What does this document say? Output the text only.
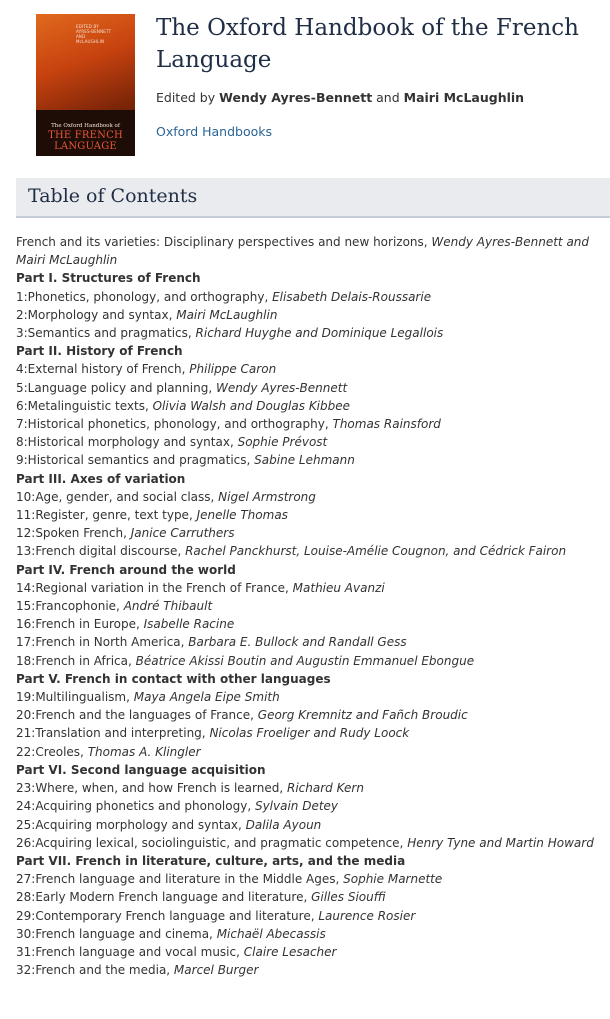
EDITED BY
AYRES-BENNETT
AND
McLAUGHLIN
The Oxford Handbook of
THE FRENCH
LANGUAGE
The Oxford Handbook of the French Language
Edited by Wendy Ayres-Bennett and Mairi McLaughlin
Oxford Handbooks
Table of Contents
French and its varieties: Disciplinary perspectives and new horizons, Wendy Ayres-Bennett and Mairi McLaughlin
Part I. Structures of French
1:Phonetics, phonology, and orthography, Elisabeth Delais-Roussarie
2:Morphology and syntax, Mairi McLaughlin
3:Semantics and pragmatics, Richard Huyghe and Dominique Legallois
Part II. History of French
4:External history of French, Philippe Caron
5:Language policy and planning, Wendy Ayres-Bennett
6:Metalinguistic texts, Olivia Walsh and Douglas Kibbee
7:Historical phonetics, phonology, and orthography, Thomas Rainsford
8:Historical morphology and syntax, Sophie Prévost
9:Historical semantics and pragmatics, Sabine Lehmann
Part III. Axes of variation
10:Age, gender, and social class, Nigel Armstrong
11:Register, genre, text type, Jenelle Thomas
12:Spoken French, Janice Carruthers
13:French digital discourse, Rachel Panckhurst, Louise-Amélie Cougnon, and Cédrick Fairon
Part IV. French around the world
14:Regional variation in the French of France, Mathieu Avanzi
15:Francophonie, André Thibault
16:French in Europe, Isabelle Racine
17:French in North America, Barbara E. Bullock and Randall Gess
18:French in Africa, Béatrice Akissi Boutin and Augustin Emmanuel Ebongue
Part V. French in contact with other languages
19:Multilingualism, Maya Angela Eipe Smith
20:French and the languages of France, Georg Kremnitz and Fañch Broudic
21:Translation and interpreting, Nicolas Froeliger and Rudy Loock
22:Creoles, Thomas A. Klingler
Part VI. Second language acquisition
23:Where, when, and how French is learned, Richard Kern
24:Acquiring phonetics and phonology, Sylvain Detey
25:Acquiring morphology and syntax, Dalila Ayoun
26:Acquiring lexical, sociolinguistic, and pragmatic competence, Henry Tyne and Martin Howard
Part VII. French in literature, culture, arts, and the media
27:French language and literature in the Middle Ages, Sophie Marnette
28:Early Modern French language and literature, Gilles Siouffi
29:Contemporary French language and literature, Laurence Rosier
30:French language and cinema, Michaël Abecassis
31:French language and vocal music, Claire Lesacher
32:French and the media, Marcel Burger
